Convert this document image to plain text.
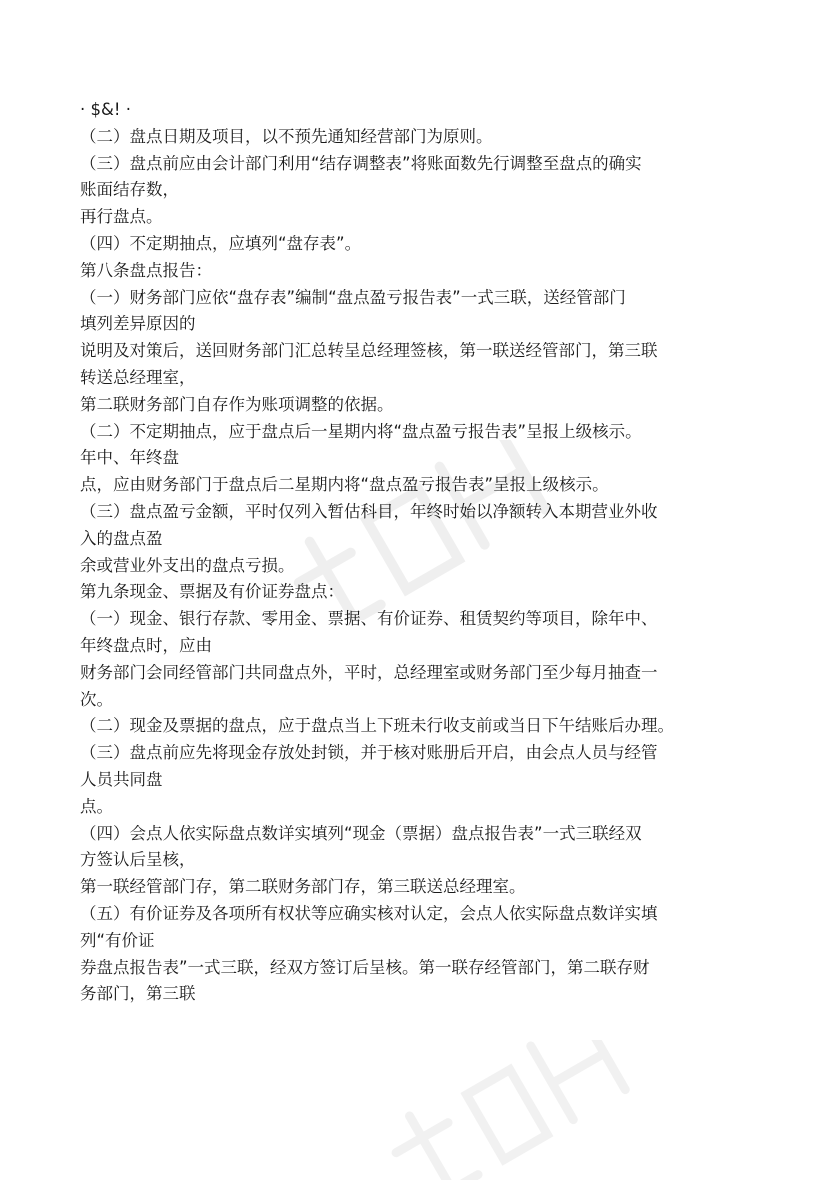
· $&! ·
（二）盘点日期及项目，以不预先通知经营部门为原则。
（三）盘点前应由会计部门利用“结存调整表”将账面数先行调整至盘点的确实
账面结存数，
再行盘点。
（四）不定期抽点，应填列“盘存表”。
第八条盘点报告：
（一）财务部门应依“盘存表”编制“盘点盈亏报告表”一式三联，送经管部门
填列差异原因的
说明及对策后，送回财务部门汇总转呈总经理签核，第一联送经管部门，第三联
转送总经理室，
第二联财务部门自存作为账项调整的依据。
（二）不定期抽点，应于盘点后一星期内将“盘点盈亏报告表”呈报上级核示。
年中、年终盘
点，应由财务部门于盘点后二星期内将“盘点盈亏报告表”呈报上级核示。
（三）盘点盈亏金额，平时仅列入暂估科目，年终时始以净额转入本期营业外收
入的盘点盈
余或营业外支出的盘点亏损。
第九条现金、票据及有价证券盘点：
（一）现金、银行存款、零用金、票据、有价证券、租赁契约等项目，除年中、
年终盘点时，应由
财务部门会同经管部门共同盘点外，平时，总经理室或财务部门至少每月抽查一
次。
（二）现金及票据的盘点，应于盘点当上下班未行收支前或当日下午结账后办理。
（三）盘点前应先将现金存放处封锁，并于核对账册后开启，由会点人员与经管
人员共同盘
点。
（四）会点人依实际盘点数详实填列“现金（票据）盘点报告表”一式三联经双
方签认后呈核，
第一联经管部门存，第二联财务部门存，第三联送总经理室。
（五）有价证券及各项所有权状等应确实核对认定，会点人依实际盘点数详实填
列“有价证
券盘点报告表”一式三联，经双方签订后呈核。第一联存经管部门，第二联存财
务部门，第三联
